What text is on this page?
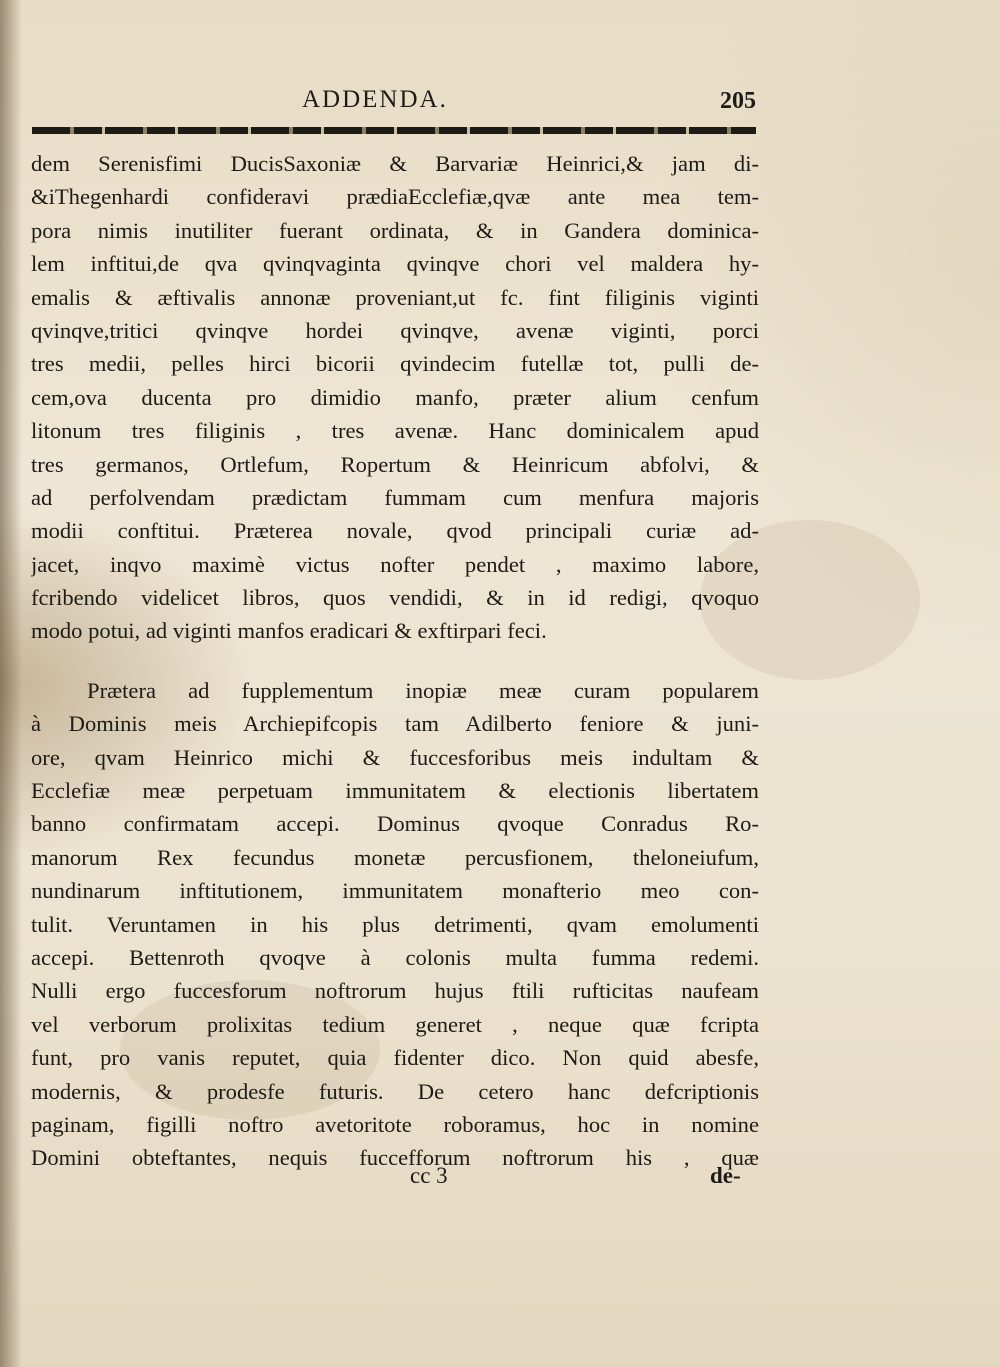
ADDENDA.	205
dem Serenisfimi DucisSaxoniæ & Barvariæ Heinrici,& jam di-
&iThegenhardi confideravi prædiaEcclefiæ,qvæ ante mea tem-
pora nimis inutiliter fuerant ordinata, & in Gandera dominica-
lem inftitui,de qva qvinqvaginta qvinqve chori vel maldera hy-
emalis & æftivalis annonæ proveniant,ut fc. fint filiginis viginti
qvinqve,tritici qvinqve hordei qvinqve, avenæ viginti, porci
tres medii, pelles hirci bicorii qvindecim futellæ tot, pulli de-
cem,ova ducenta pro dimidio manfo, præter alium cenfum
litonum tres filiginis , tres avenæ. Hanc dominicalem apud
tres germanos, Ortlefum, Ropertum & Heinricum abfolvi, &
ad perfolvendam prædictam fummam cum menfura majoris
modii conftitui. Præterea novale, qvod principali curiæ ad-
jacet, inqvo maximè victus nofter pendet , maximo labore,
fcribendo videlicet libros, quos vendidi, & in id redigi, qvoquo
modo potui, ad viginti manfos eradicari & exftirpari feci.
Prætera ad fupplementum inopiæ meæ curam popularem
à Dominis meis Archiepifcopis tam Adilberto feniore & juni-
ore, qvam Heinrico michi & fuccesforibus meis indultam &
Ecclefiæ meæ perpetuam immunitatem & electionis libertatem
banno confirmatam accepi. Dominus qvoque Conradus Ro-
manorum Rex fecundus monetæ percusfionem, theloneiufum,
nundinarum inftitutionem, immunitatem monafterio meo con-
tulit. Veruntamen in his plus detrimenti, qvam emolumenti
accepi. Bettenroth qvoqve à colonis multa fumma redemi.
Nulli ergo fuccesforum noftrorum hujus ftili rufticitas naufeam
vel verborum prolixitas tedium generet , neque quæ fcripta
funt, pro vanis reputet, quia fidenter dico. Non quid abesfe,
modernis, & prodesfe futuris. De cetero hanc defcriptionis
paginam, figilli noftro avetoritote roboramus, hoc in nomine
Domini obteftantes, nequis fuccefforum noftrorum his , quæ
cc 3	de-
